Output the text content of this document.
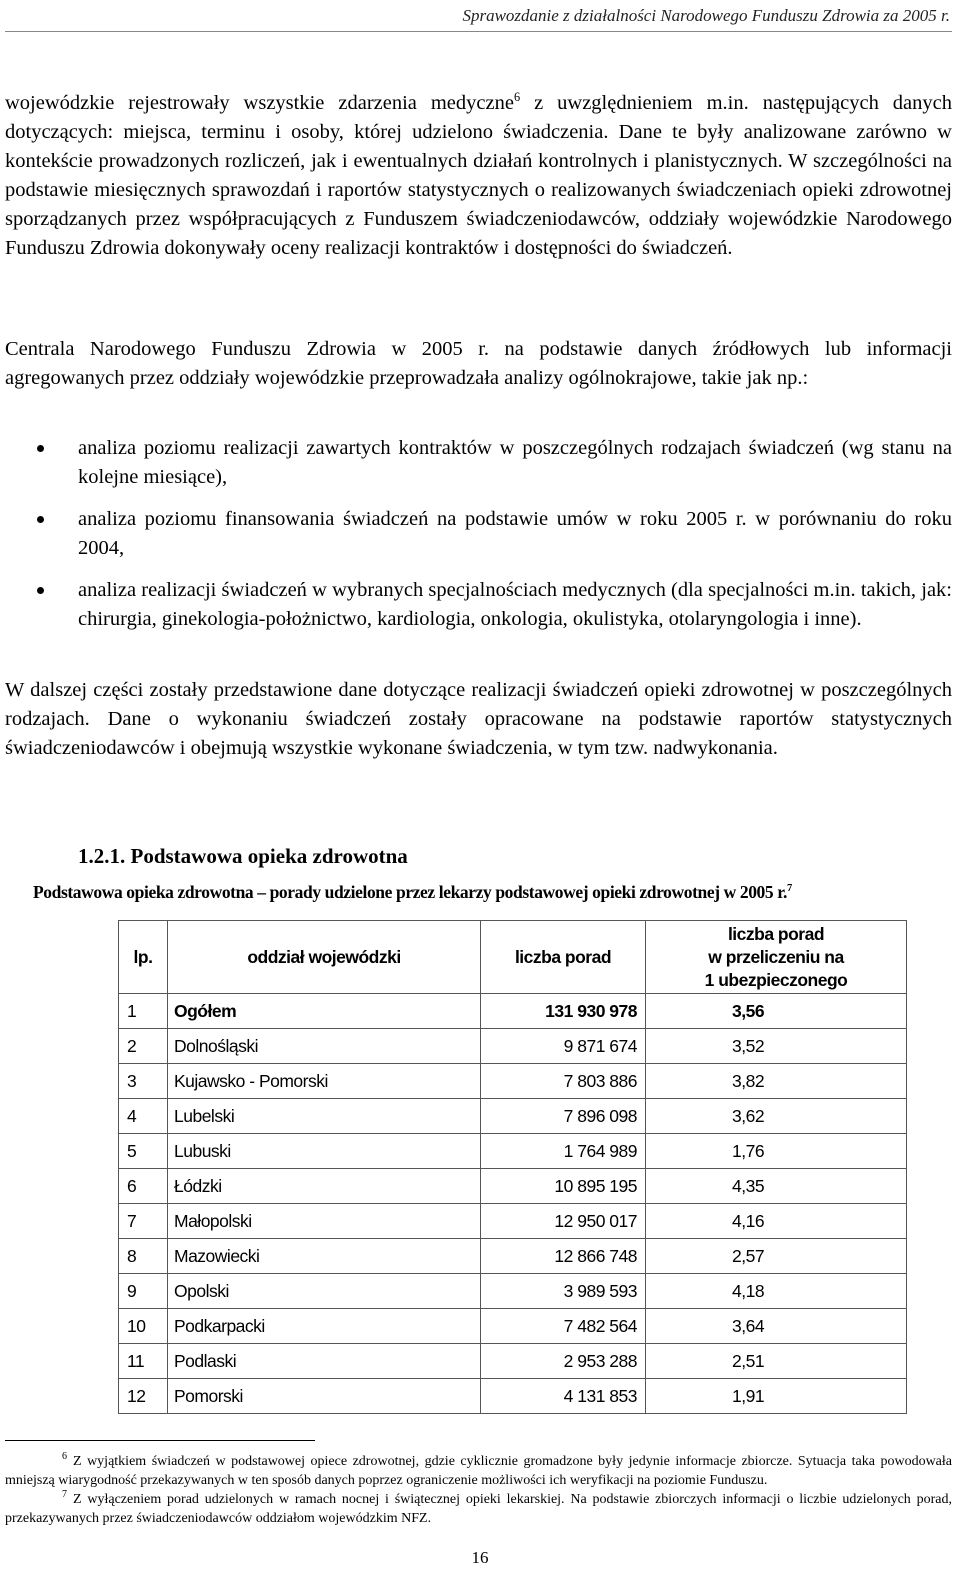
Sprawozdanie z działalności Narodowego Funduszu Zdrowia za 2005 r.
wojewódzkie rejestrowały wszystkie zdarzenia medyczne$^6$ z uwzględnieniem m.in. następujących danych dotyczących: miejsca, terminu i osoby, której udzielono świadczenia. Dane te były analizowane zarówno w kontekście prowadzonych rozliczeń, jak i ewentualnych działań kontrolnych i planistycznych. W szczególności na podstawie miesięcznych sprawozdań i raportów statystycznych o realizowanych świadczeniach opieki zdrowotnej sporządzanych przez współpracujących z Funduszem świadczeniodawców, oddziały wojewódzkie Narodowego Funduszu Zdrowia dokonywały oceny realizacji kontraktów i dostępności do świadczeń.
Centrala Narodowego Funduszu Zdrowia w 2005 r. na podstawie danych źródłowych lub informacji agregowanych przez oddziały wojewódzkie przeprowadzała analizy ogólnokrajowe, takie jak np.:
analiza poziomu realizacji zawartych kontraktów w poszczególnych rodzajach świadczeń (wg stanu na kolejne miesiące),
analiza poziomu finansowania świadczeń na podstawie umów w roku 2005 r. w porównaniu do roku 2004,
analiza realizacji świadczeń w wybranych specjalnościach medycznych (dla specjalności m.in. takich, jak: chirurgia, ginekologia-położnictwo, kardiologia, onkologia, okulistyka, otolaryngologia i inne).
W dalszej części zostały przedstawione dane dotyczące realizacji świadczeń opieki zdrowotnej w poszczególnych rodzajach. Dane o wykonaniu świadczeń zostały opracowane na podstawie raportów statystycznych świadczeniodawców i obejmują wszystkie wykonane świadczenia, w tym tzw. nadwykonania.
1.2.1. Podstawowa opieka zdrowotna
Podstawowa opieka zdrowotna – porady udzielone przez lekarzy podstawowej opieki zdrowotnej w 2005 r.$^7$
lp.	oddział wojewódzki	liczba porad	liczba porad
w przeliczeniu na
1 ubezpieczonego

1	Ogółem	131 930 978	3,56
2	Dolnośląski	9 871 674	3,52
3	Kujawsko - Pomorski	7 803 886	3,82
4	Lubelski	7 896 098	3,62
5	Lubuski	1 764 989	1,76
6	Łódzki	10 895 195	4,35
7	Małopolski	12 950 017	4,16
8	Mazowiecki	12 866 748	2,57
9	Opolski	3 989 593	4,18
10	Podkarpacki	7 482 564	3,64
11	Podlaski	2 953 288	2,51
12	Pomorski	4 131 853	1,91

$^6$ Z wyjątkiem świadczeń w podstawowej opiece zdrowotnej, gdzie cyklicznie gromadzone były jedynie informacje zbiorcze. Sytuacja taka powodowała mniejszą wiarygodność przekazywanych w ten sposób danych poprzez ograniczenie możliwości ich weryfikacji na poziomie Funduszu.

$^7$ Z wyłączeniem porad udzielonych w ramach nocnej i świątecznej opieki lekarskiej. Na podstawie zbiorczych informacji o liczbie udzielonych porad, przekazywanych przez świadczeniodawców oddziałom wojewódzkim NFZ.

16
